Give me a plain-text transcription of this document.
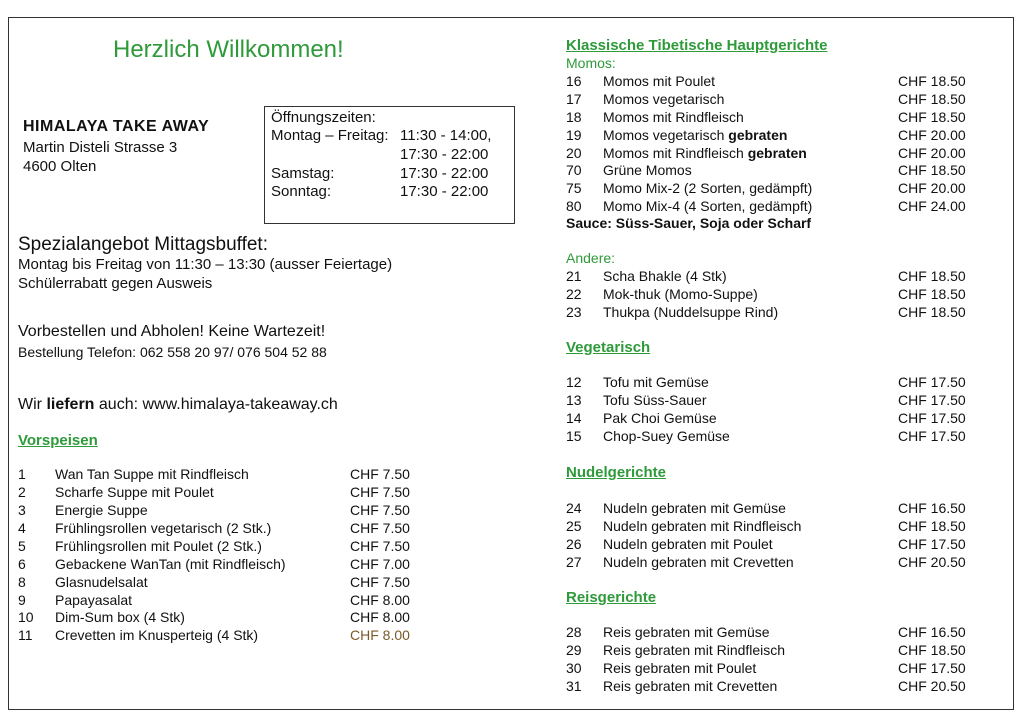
Herzlich Willkommen!
HIMALAYA TAKE AWAY
Martin Disteli Strasse 3
4600 Olten
Öffnungszeiten:
Montag – Freitag: 11:30 - 14:00,
17:30 - 22:00
Samstag:	17:30 - 22:00
Sonntag:	17:30 - 22:00
Spezialangebot Mittagsbuffet:
Montag bis Freitag von 11:30 – 13:30 (ausser Feiertage)
Schülerrabatt gegen Ausweis
Vorbestellen und Abholen! Keine Wartezeit!
Bestellung Telefon: 062 558 20 97/ 076 504 52 88
Wir liefern auch: www.himalaya-takeaway.ch
Vorspeisen
1 Wan Tan Suppe mit Rindfleisch	CHF 7.50
2 Scharfe Suppe mit Poulet	CHF 7.50
3 Energie Suppe	CHF 7.50
4 Frühlingsrollen vegetarisch (2 Stk.)	CHF 7.50
5 Frühlingsrollen mit Poulet (2 Stk.)	CHF 7.50
6 Gebackene WanTan (mit Rindfleisch)	CHF 7.00
8 Glasnudelsalat	CHF 7.50
9 Papayasalat	CHF 8.00
10 Dim-Sum box (4 Stk)	CHF 8.00
11 Crevetten im Knusperteig (4 Stk)	CHF 8.00
Klassische Tibetische Hauptgerichte
Momos:
16 Momos mit Poulet	CHF 18.50
17 Momos vegetarisch	CHF 18.50
18 Momos mit Rindfleisch	CHF 18.50
19 Momos vegetarisch gebraten	CHF 20.00
20 Momos mit Rindfleisch gebraten	CHF 20.00
70 Grüne Momos	CHF 18.50
75 Momo Mix-2 (2 Sorten, gedämpft)	CHF 20.00
80 Momo Mix-4 (4 Sorten, gedämpft)	CHF 24.00
Sauce: Süss-Sauer, Soja oder Scharf
Andere:
21 Scha Bhakle (4 Stk)	CHF 18.50
22 Mok-thuk (Momo-Suppe)	CHF 18.50
23 Thukpa (Nuddelsuppe Rind)	CHF 18.50
Vegetarisch
12 Tofu mit Gemüse	CHF 17.50
13 Tofu Süss-Sauer	CHF 17.50
14 Pak Choi Gemüse	CHF 17.50
15 Chop-Suey Gemüse	CHF 17.50
Nudelgerichte
24 Nudeln gebraten mit Gemüse	CHF 16.50
25 Nudeln gebraten mit Rindfleisch	CHF 18.50
26 Nudeln gebraten mit Poulet	CHF 17.50
27 Nudeln gebraten mit Crevetten	CHF 20.50
Reisgerichte
28 Reis gebraten mit Gemüse	CHF 16.50
29 Reis gebraten mit Rindfleisch	CHF 18.50
30 Reis gebraten mit Poulet	CHF 17.50
31 Reis gebraten mit Crevetten	CHF 20.50
